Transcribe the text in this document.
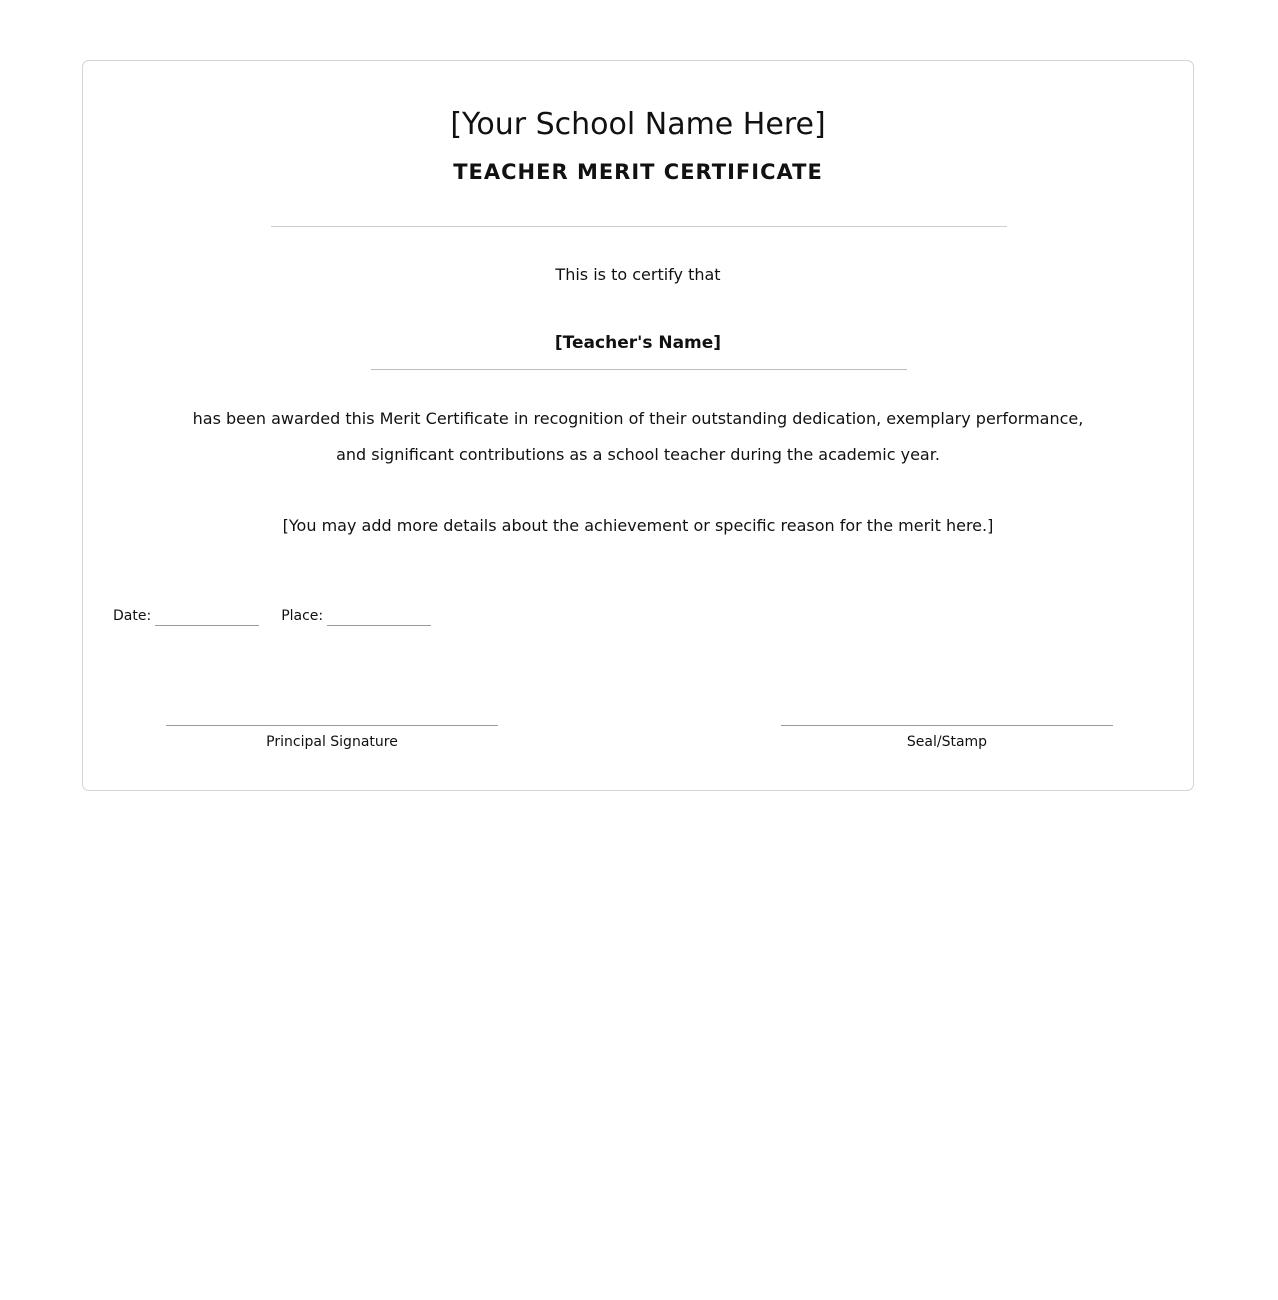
[Your School Name Here]
TEACHER MERIT CERTIFICATE
This is to certify that
[Teacher's Name]
has been awarded this Merit Certificate in recognition of their outstanding dedication, exemplary performance,
and significant contributions as a school teacher during the academic year.
[You may add more details about the achievement or specific reason for the merit here.]
Date:	Place:
Principal Signature	Seal/Stamp
